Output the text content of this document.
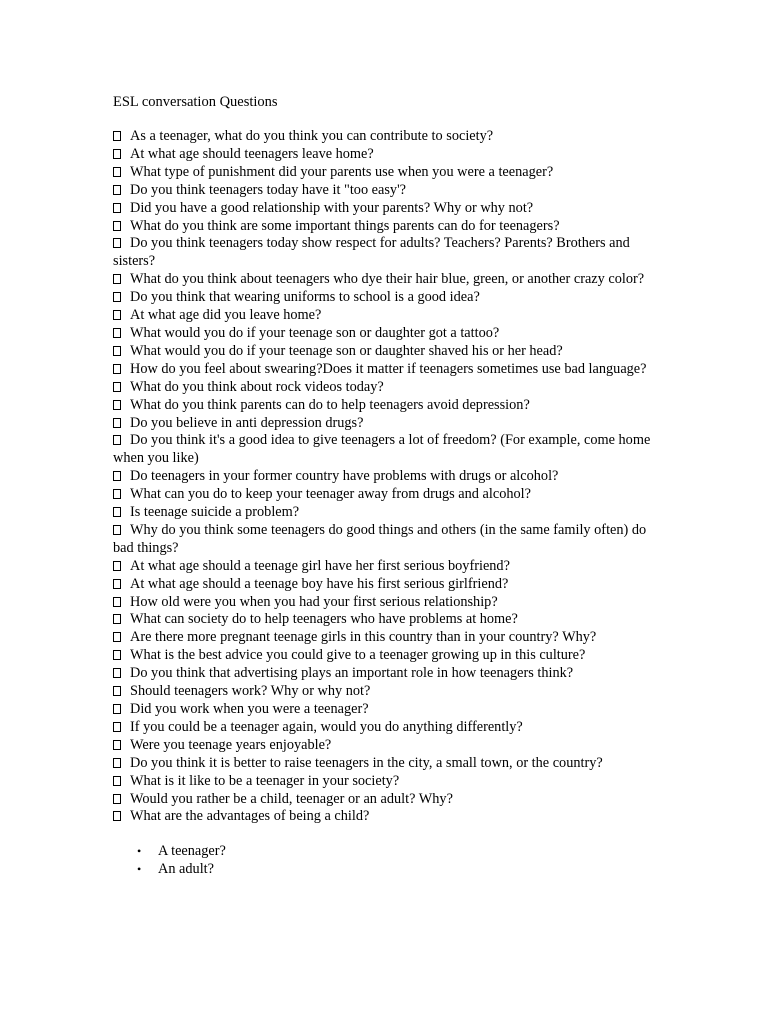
ESL conversation Questions
As a teenager, what do you think you can contribute to society?
At what age should teenagers leave home?
What type of punishment did your parents use when you were a teenager?
Do you think teenagers today have it "too easy'?
Did you have a good relationship with your parents? Why or why not?
What do you think are some important things parents can do for teenagers?
Do you think teenagers today show respect for adults? Teachers? Parents? Brothers and sisters?
What do you think about teenagers who dye their hair blue, green, or another crazy color?
Do you think that wearing uniforms to school is a good idea?
At what age did you leave home?
What would you do if your teenage son or daughter got a tattoo?
What would you do if your teenage son or daughter shaved his or her head?
How do you feel about swearing?Does it matter if teenagers sometimes use bad language?
What do you think about rock videos today?
What do you think parents can do to help teenagers avoid depression?
Do you believe in anti depression drugs?
Do you think it's a good idea to give teenagers a lot of freedom? (For example, come home when you like)
Do teenagers in your former country have problems with drugs or alcohol?
What can you do to keep your teenager away from drugs and alcohol?
Is teenage suicide a problem?
Why do you think some teenagers do good things and others (in the same family often) do bad things?
At what age should a teenage girl have her first serious boyfriend?
At what age should a teenage boy have his first serious girlfriend?
How old were you when you had your first serious relationship?
What can society do to help teenagers who have problems at home?
Are there more pregnant teenage girls in this country than in your country? Why?
What is the best advice you could give to a teenager growing up in this culture?
Do you think that advertising plays an important role in how teenagers think?
Should teenagers work? Why or why not?
Did you work when you were a teenager?
If you could be a teenager again, would you do anything differently?
Were you teenage years enjoyable?
Do you think it is better to raise teenagers in the city, a small town, or the country?
What is it like to be a teenager in your society?
Would you rather be a child, teenager or an adult? Why?
What are the advantages of being a child?
• A teenager?
• An adult?
